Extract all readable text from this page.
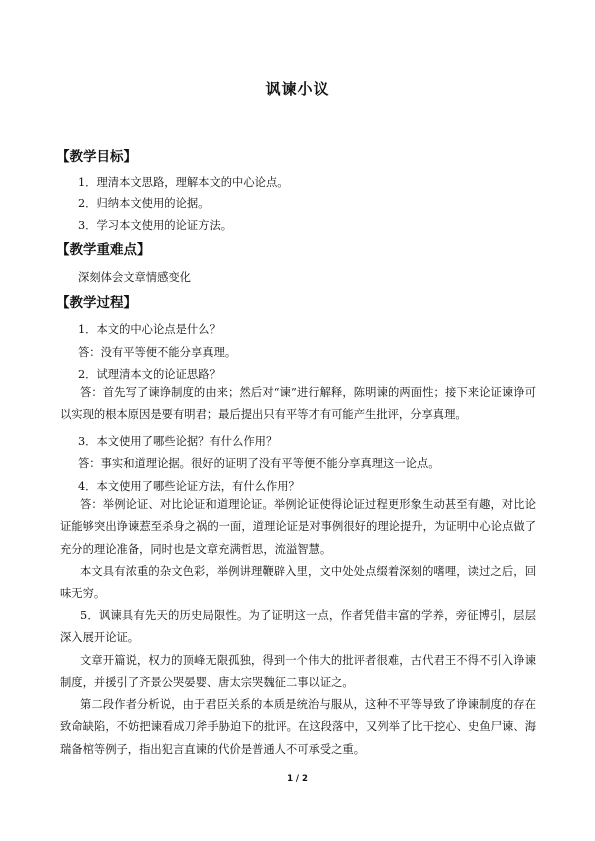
讽谏小议
【教学目标】
1．理清本文思路，理解本文的中心论点。
2．归纳本文使用的论据。
3．学习本文使用的论证方法。
【教学重难点】
深刻体会文章情感变化
【教学过程】
1．本文的中心论点是什么？
答：没有平等便不能分享真理。
2．试理清本文的论证思路？
答：首先写了谏诤制度的由来；然后对“谏”进行解释，陈明谏的两面性；接下来论证谏诤可以实现的根本原因是要有明君；最后提出只有平等才有可能产生批评，分享真理。
3．本文使用了哪些论据？有什么作用？
答：事实和道理论据。很好的证明了没有平等便不能分享真理这一论点。
4．本文使用了哪些论证方法，有什么作用？
答：举例论证、对比论证和道理论证。举例论证使得论证过程更形象生动甚至有趣，对比论证能够突出诤谏惹至杀身之祸的一面，道理论证是对事例很好的理论提升，为证明中心论点做了充分的理论准备，同时也是文章充满哲思，流溢智慧。
本文具有浓重的杂文色彩，举例讲理鞭辟入里，文中处处点缀着深刻的嗜哩，读过之后，回味无穷。
5．讽谏具有先天的历史局限性。为了证明这一点，作者凭借丰富的学养，旁征博引，层层深入展开论证。
文章开篇说，权力的顶峰无限孤独，得到一个伟大的批评者很难，古代君王不得不引入诤谏制度，并援引了齐景公哭晏婴、唐太宗哭魏征二事以证之。
第二段作者分析说，由于君臣关系的本质是统治与服从，这种不平等导致了诤谏制度的存在致命缺陷，不妨把谏看成刀斧手胁迫下的批评。在这段落中，又列举了比干挖心、史鱼尸谏、海瑞备棺等例子，指出犯言直谏的代价是普通人不可承受之重。
1 / 2
